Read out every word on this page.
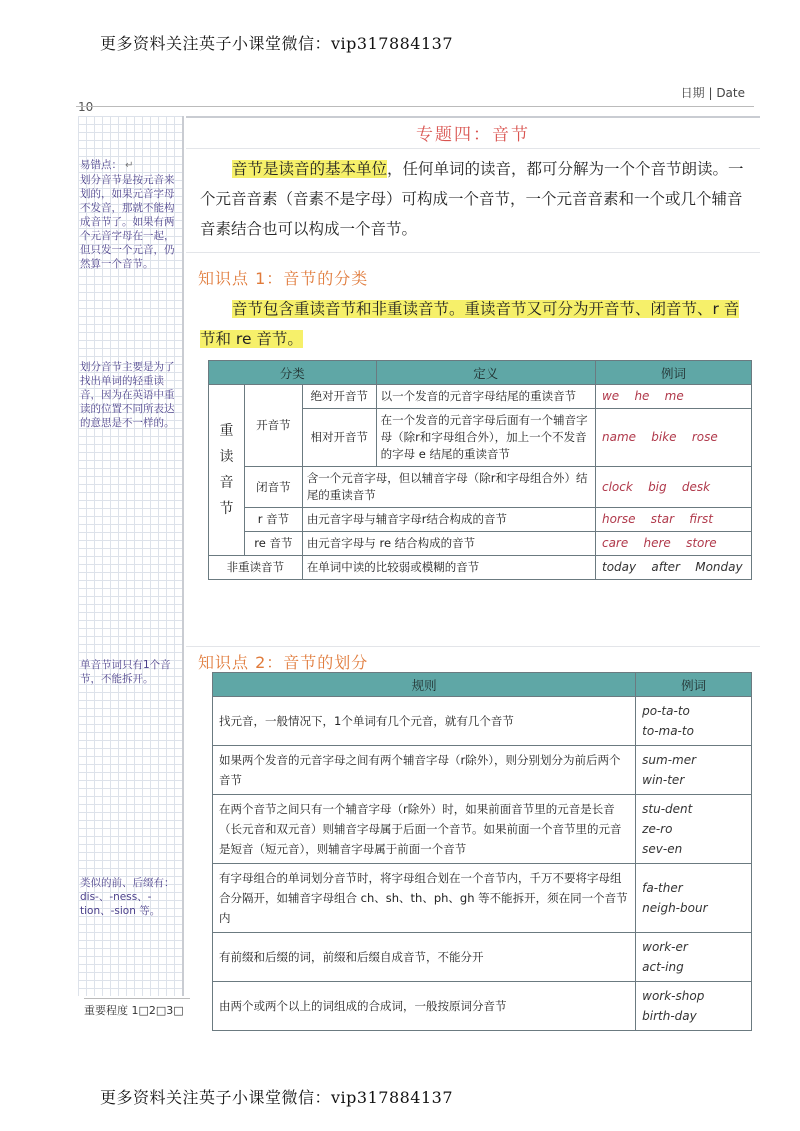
更多资料关注英子小课堂微信：vip317884137
10
日期 | Date
易错点： ↵
划分音节是按元音来划的，如果元音字母不发音，那就不能构成音节了。如果有两个元音字母在一起，但只发一个元音，仍然算一个音节。
划分音节主要是为了找出单词的轻重读音，因为在英语中重读的位置不同所表达的意思是不一样的。
单音节词只有1个音节，不能拆开。
类似的前、后缀有：
dis-、-ness、-tion、-sion 等。
专题四：音节
音节是读音的基本单位，任何单词的读音，都可分解为一个个音节朗读。一个元音音素（音素不是字母）可构成一个音节，一个元音音素和一个或几个辅音音素结合也可以构成一个音节。
知识点 1：音节的分类
音节包含重读音节和非重读音节。重读音节又可分为开音节、闭音节、r 音节和 re 音节。
分类			定义	例词
重读音节	开音节	绝对开音节	以一个发音的元音字母结尾的重读音节	we    he    me
		相对开音节	在一个发音的元音字母后面有一个辅音字母（除r和字母组合外），加上一个不发音的字母 e 结尾的重读音节	name    bike    rose
	闭音节	含一个元音字母，但以辅音字母（除r和字母组合外）结尾的重读音节		clock    big    desk
	r 音节	由元音字母与辅音字母r结合构成的音节		horse    star    first
	re 音节	由元音字母与 re 结合构成的音节		care    here    store
非重读音节		在单词中读的比较弱或模糊的音节		today    after    Monday
知识点 2：音节的划分
规则	例词
找元音，一般情况下，1个单词有几个元音，就有几个音节	po-ta-to
to-ma-to

如果两个发音的元音字母之间有两个辅音字母（r除外），则分别划分为前后两个音节	sum-mer
win-ter

在两个音节之间只有一个辅音字母（r除外）时，如果前面音节里的元音是长音（长元音和双元音）则辅音字母属于后面一个音节。如果前面一个音节里的元音是短音（短元音），则辅音字母属于前面一个音节	stu-dent
ze-ro
sev-en

有字母组合的单词划分音节时，将字母组合划在一个音节内，千万不要将字母组合分隔开，如辅音字母组合 ch、sh、th、ph、gh 等不能拆开，须在同一个音节内	fa-ther
neigh-bour

有前缀和后缀的词，前缀和后缀自成音节，不能分开	work-er
act-ing

由两个或两个以上的词组成的合成词，一般按原词分音节	work-shop
birth-day
重要程度 1□2□3□
更多资料关注英子小课堂微信：vip317884137
